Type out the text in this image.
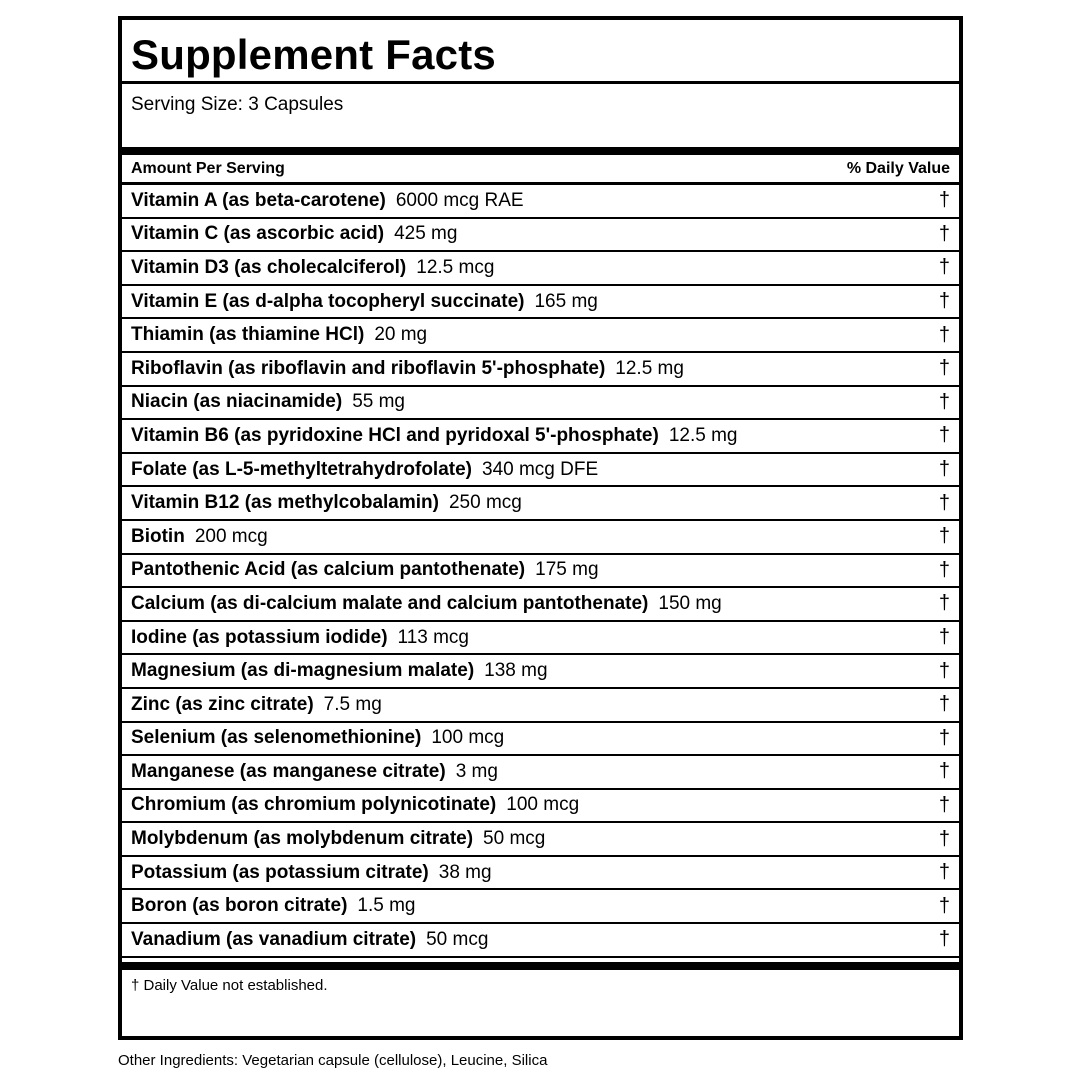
Supplement Facts
Serving Size: 3 Capsules
Amount Per Serving	% Daily Value
Vitamin A (as beta-carotene) 6000 mcg RAE	†
Vitamin C (as ascorbic acid) 425 mg	†
Vitamin D3 (as cholecalciferol) 12.5 mcg	†
Vitamin E (as d-alpha tocopheryl succinate) 165 mg	†
Thiamin (as thiamine HCl) 20 mg	†
Riboflavin (as riboflavin and riboflavin 5'-phosphate) 12.5 mg	†
Niacin (as niacinamide) 55 mg	†
Vitamin B6 (as pyridoxine HCl and pyridoxal 5'-phosphate) 12.5 mg	†
Folate (as L-5-methyltetrahydrofolate) 340 mcg DFE	†
Vitamin B12 (as methylcobalamin) 250 mcg	†
Biotin 200 mcg	†
Pantothenic Acid (as calcium pantothenate) 175 mg	†
Calcium (as di-calcium malate and calcium pantothenate) 150 mg	†
Iodine (as potassium iodide) 113 mcg	†
Magnesium (as di-magnesium malate) 138 mg	†
Zinc (as zinc citrate) 7.5 mg	†
Selenium (as selenomethionine) 100 mcg	†
Manganese (as manganese citrate) 3 mg	†
Chromium (as chromium polynicotinate) 100 mcg	†
Molybdenum (as molybdenum citrate) 50 mcg	†
Potassium (as potassium citrate) 38 mg	†
Boron (as boron citrate) 1.5 mg	†
Vanadium (as vanadium citrate) 50 mcg	†
† Daily Value not established.
Other Ingredients: Vegetarian capsule (cellulose), Leucine, Silica
